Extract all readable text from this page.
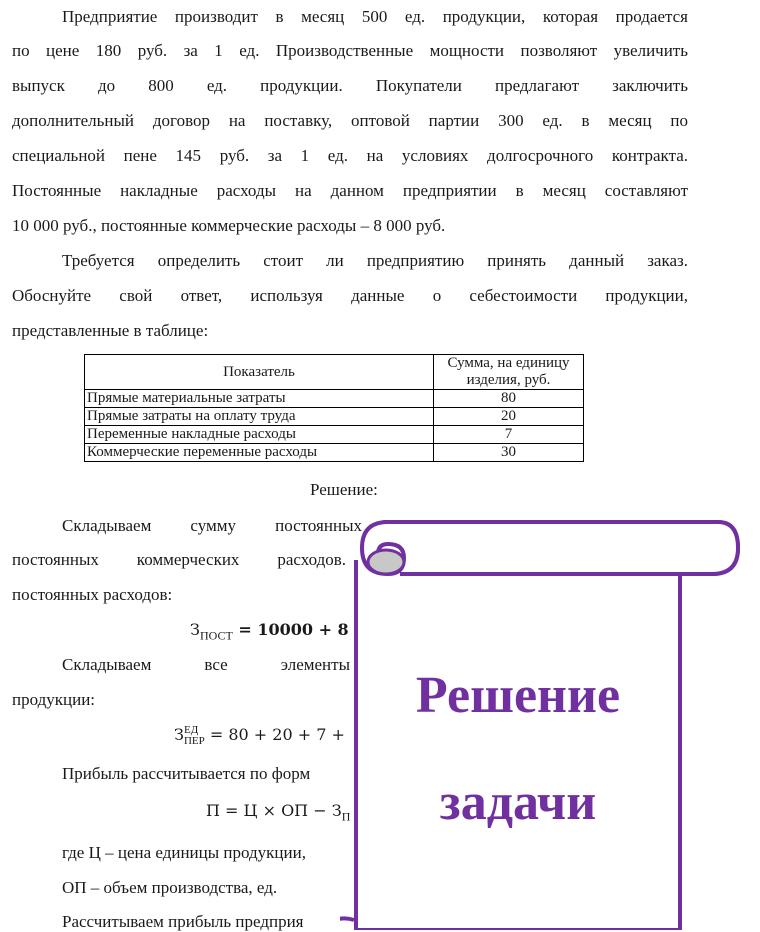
Предприятие производит в месяц 500 ед. продукции, которая продается
по цене 180 руб. за 1 ед. Производственные мощности позволяют увеличить
выпуск до 800 ед. продукции. Покупатели предлагают заключить
дополнительный договор на поставку, оптовой партии 300 ед. в месяц по
специальной пене 145 руб. за 1 ед. на условиях долгосрочного контракта.
Постоянные накладные расходы на данном предприятии в месяц составляют
10 000 руб., постоянные коммерческие расходы – 8 000 руб.
Требуется определить стоит ли предприятию принять данный заказ.
Обоснуйте свой ответ, используя данные о себестоимости продукции,
представленные в таблице:
Показатель	Сумма, на единицу
изделия, руб.
Прямые материальные затраты	80
Прямые затраты на оплату труда	20
Переменные накладные расходы	7
Коммерческие переменные расходы	30
Решение:
Складываем сумму постоянных
постоянных коммерческих расходов.
постоянных расходов:
$З_{ПОСТ} = 10000 + 8$
Складываем все элементы
продукции:
ЗЕД
ПЕР = 80 + 20 + 7 +
Прибыль рассчитывается по форм
П = Ц × ОП − $З_П$
где Ц – цена единицы продукции,
ОП – объем производства, ед.
Рассчитываем прибыль предприя
Решение
задачи
